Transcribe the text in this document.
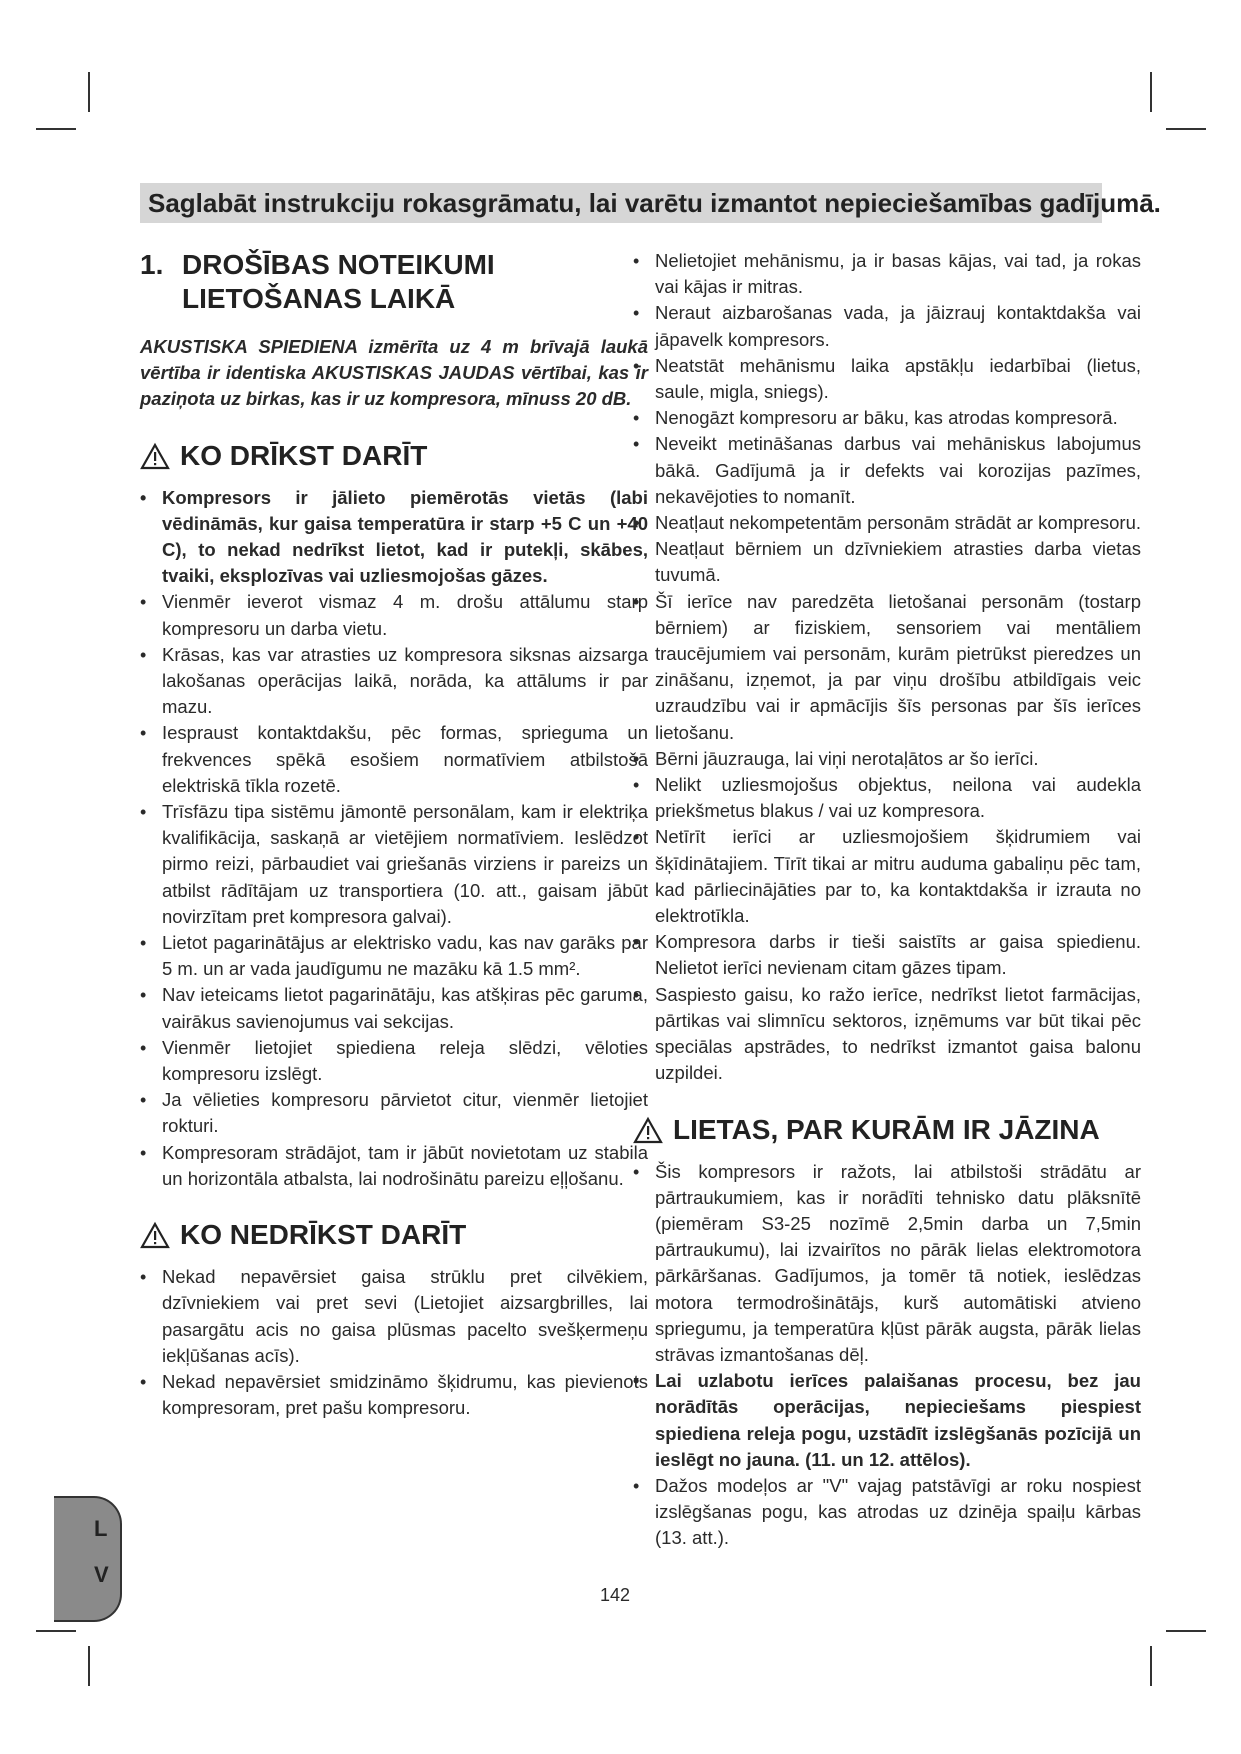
Saglabāt instrukciju rokasgrāmatu, lai varētu izmantot nepieciešamības gadījumā.
1. DROŠĪBAS NOTEIKUMI LIETOŠANAS LAIKĀ

AKUSTISKA SPIEDIENA izmērīta uz 4 m brīvajā laukā vērtība ir identiska AKUSTISKAS JAUDAS vērtībai, kas ir paziņota uz birkas, kas ir uz kompresora, mīnuss 20 dB.

KO DRĪKST DARĪT
• Kompresors ir jālieto piemērotās vietās (labi vēdināmās, kur gaisa temperatūra ir starp +5 C un +40 C), to nekad nedrīkst lietot, kad ir putekļi, skābes, tvaiki, eksplozīvas vai uzliesmojošas gāzes.
• Vienmēr ieverot vismaz 4 m. drošu attālumu starp kompresoru un darba vietu.
• Krāsas, kas var atrasties uz kompresora siksnas aizsarga lakošanas operācijas laikā, norāda, ka attālums ir par mazu.
• Iespraust kontaktdakšu, pēc formas, sprieguma un frekvences spēkā esošiem normatīviem atbilstošā elektriskā tīkla rozetē.
• Trīsfāzu tipa sistēmu jāmontē personālam, kam ir elektriķa kvalifikācija, saskaņā ar vietējiem normatīviem. Ieslēdzot pirmo reizi, pārbaudiet vai griešanās virziens ir pareizs un atbilst rādītājam uz transportiera (10. att., gaisam jābūt novirzītam pret kompresora galvai).
• Lietot pagarinātājus ar elektrisko vadu, kas nav garāks par 5 m. un ar vada jaudīgumu ne mazāku kā 1.5 mm².
• Nav ieteicams lietot pagarinātāju, kas atšķiras pēc garuma, vairākus savienojumus vai sekcijas.
• Vienmēr lietojiet spiediena releja slēdzi, vēloties kompresoru izslēgt.
• Ja vēlieties kompresoru pārvietot citur, vienmēr lietojiet rokturi.
• Kompresoram strādājot, tam ir jābūt novietotam uz stabila un horizontāla atbalsta, lai nodrošinātu pareizu eļļošanu.
KO NEDRĪKST DARĪT
• Nekad nepavērsiet gaisa strūklu pret cilvēkiem, dzīvniekiem vai pret sevi (Lietojiet aizsargbrilles, lai pasargātu acis no gaisa plūsmas pacelto svešķermeņu iekļūšanas acīs).
• Nekad nepavērsiet smidzināmo šķidrumu, kas pievienots kompresoram, pret pašu kompresoru.
• Nelietojiet mehānismu, ja ir basas kājas, vai tad, ja rokas vai kājas ir mitras.
• Neraut aizbarošanas vada, ja jāizrauj kontaktdakša vai jāpavelk kompresors.
• Neatstāt mehānismu laika apstākļu iedarbībai (lietus, saule, migla, sniegs).
• Nenogāzt kompresoru ar bāku, kas atrodas kompresorā.
• Neveikt metināšanas darbus vai mehāniskus labojumus bākā. Gadījumā ja ir defekts vai korozijas pazīmes, nekavējoties to nomanīt.
• Neatļaut nekompetentām personām strādāt ar kompresoru. Neatļaut bērniem un dzīvniekiem atrasties darba vietas tuvumā.
• Šī ierīce nav paredzēta lietošanai personām (tostarp bērniem) ar fiziskiem, sensoriem vai mentāliem traucējumiem vai personām, kurām pietrūkst pieredzes un zināšanu, izņemot, ja par viņu drošību atbildīgais veic uzraudzību vai ir apmācījis šīs personas par šīs ierīces lietošanu.
• Bērni jāuzrauga, lai viņi nerotaļātos ar šo ierīci.
• Nelikt uzliesmojošus objektus, neilona vai audekla priekšmetus blakus / vai uz kompresora.
• Netīrīt ierīci ar uzliesmojošiem šķidrumiem vai šķīdinātajiem. Tīrīt tikai ar mitru auduma gabaliņu pēc tam, kad pārliecinājāties par to, ka kontaktdakša ir izrauta no elektrotīkla.
• Kompresora darbs ir tieši saistīts ar gaisa spiedienu. Nelietot ierīci nevienam citam gāzes tipam.
• Saspiesto gaisu, ko ražo ierīce, nedrīkst lietot farmācijas, pārtikas vai slimnīcu sektoros, izņēmums var būt tikai pēc speciālas apstrādes, to nedrīkst izmantot gaisa balonu uzpildei.
LIETAS, PAR KURĀM IR JĀZINA
• Šis kompresors ir ražots, lai atbilstoši strādātu ar pārtraukumiem, kas ir norādīti tehnisko datu plāksnītē (piemēram S3-25 nozīmē 2,5min darba un 7,5min pārtraukumu), lai izvairītos no pārāk lielas elektromotora pārkāršanas. Gadījumos, ja tomēr tā notiek, ieslēdzas motora termodrošinātājs, kurš automātiski atvieno spriegumu, ja temperatūra kļūst pārāk augsta, pārāk lielas strāvas izmantošanas dēļ.
• Lai uzlabotu ierīces palaišanas procesu, bez jau norādītās operācijas, nepieciešams piespiest spiediena releja pogu, uzstādīt izslēgšanās pozīcijā un ieslēgt no jauna. (11. un 12. attēlos).
• Dažos modeļos ar "V" vajag patstāvīgi ar roku nospiest izslēgšanas pogu, kas atrodas uz dzinēja spaiļu kārbas (13. att.).
142
L
V
